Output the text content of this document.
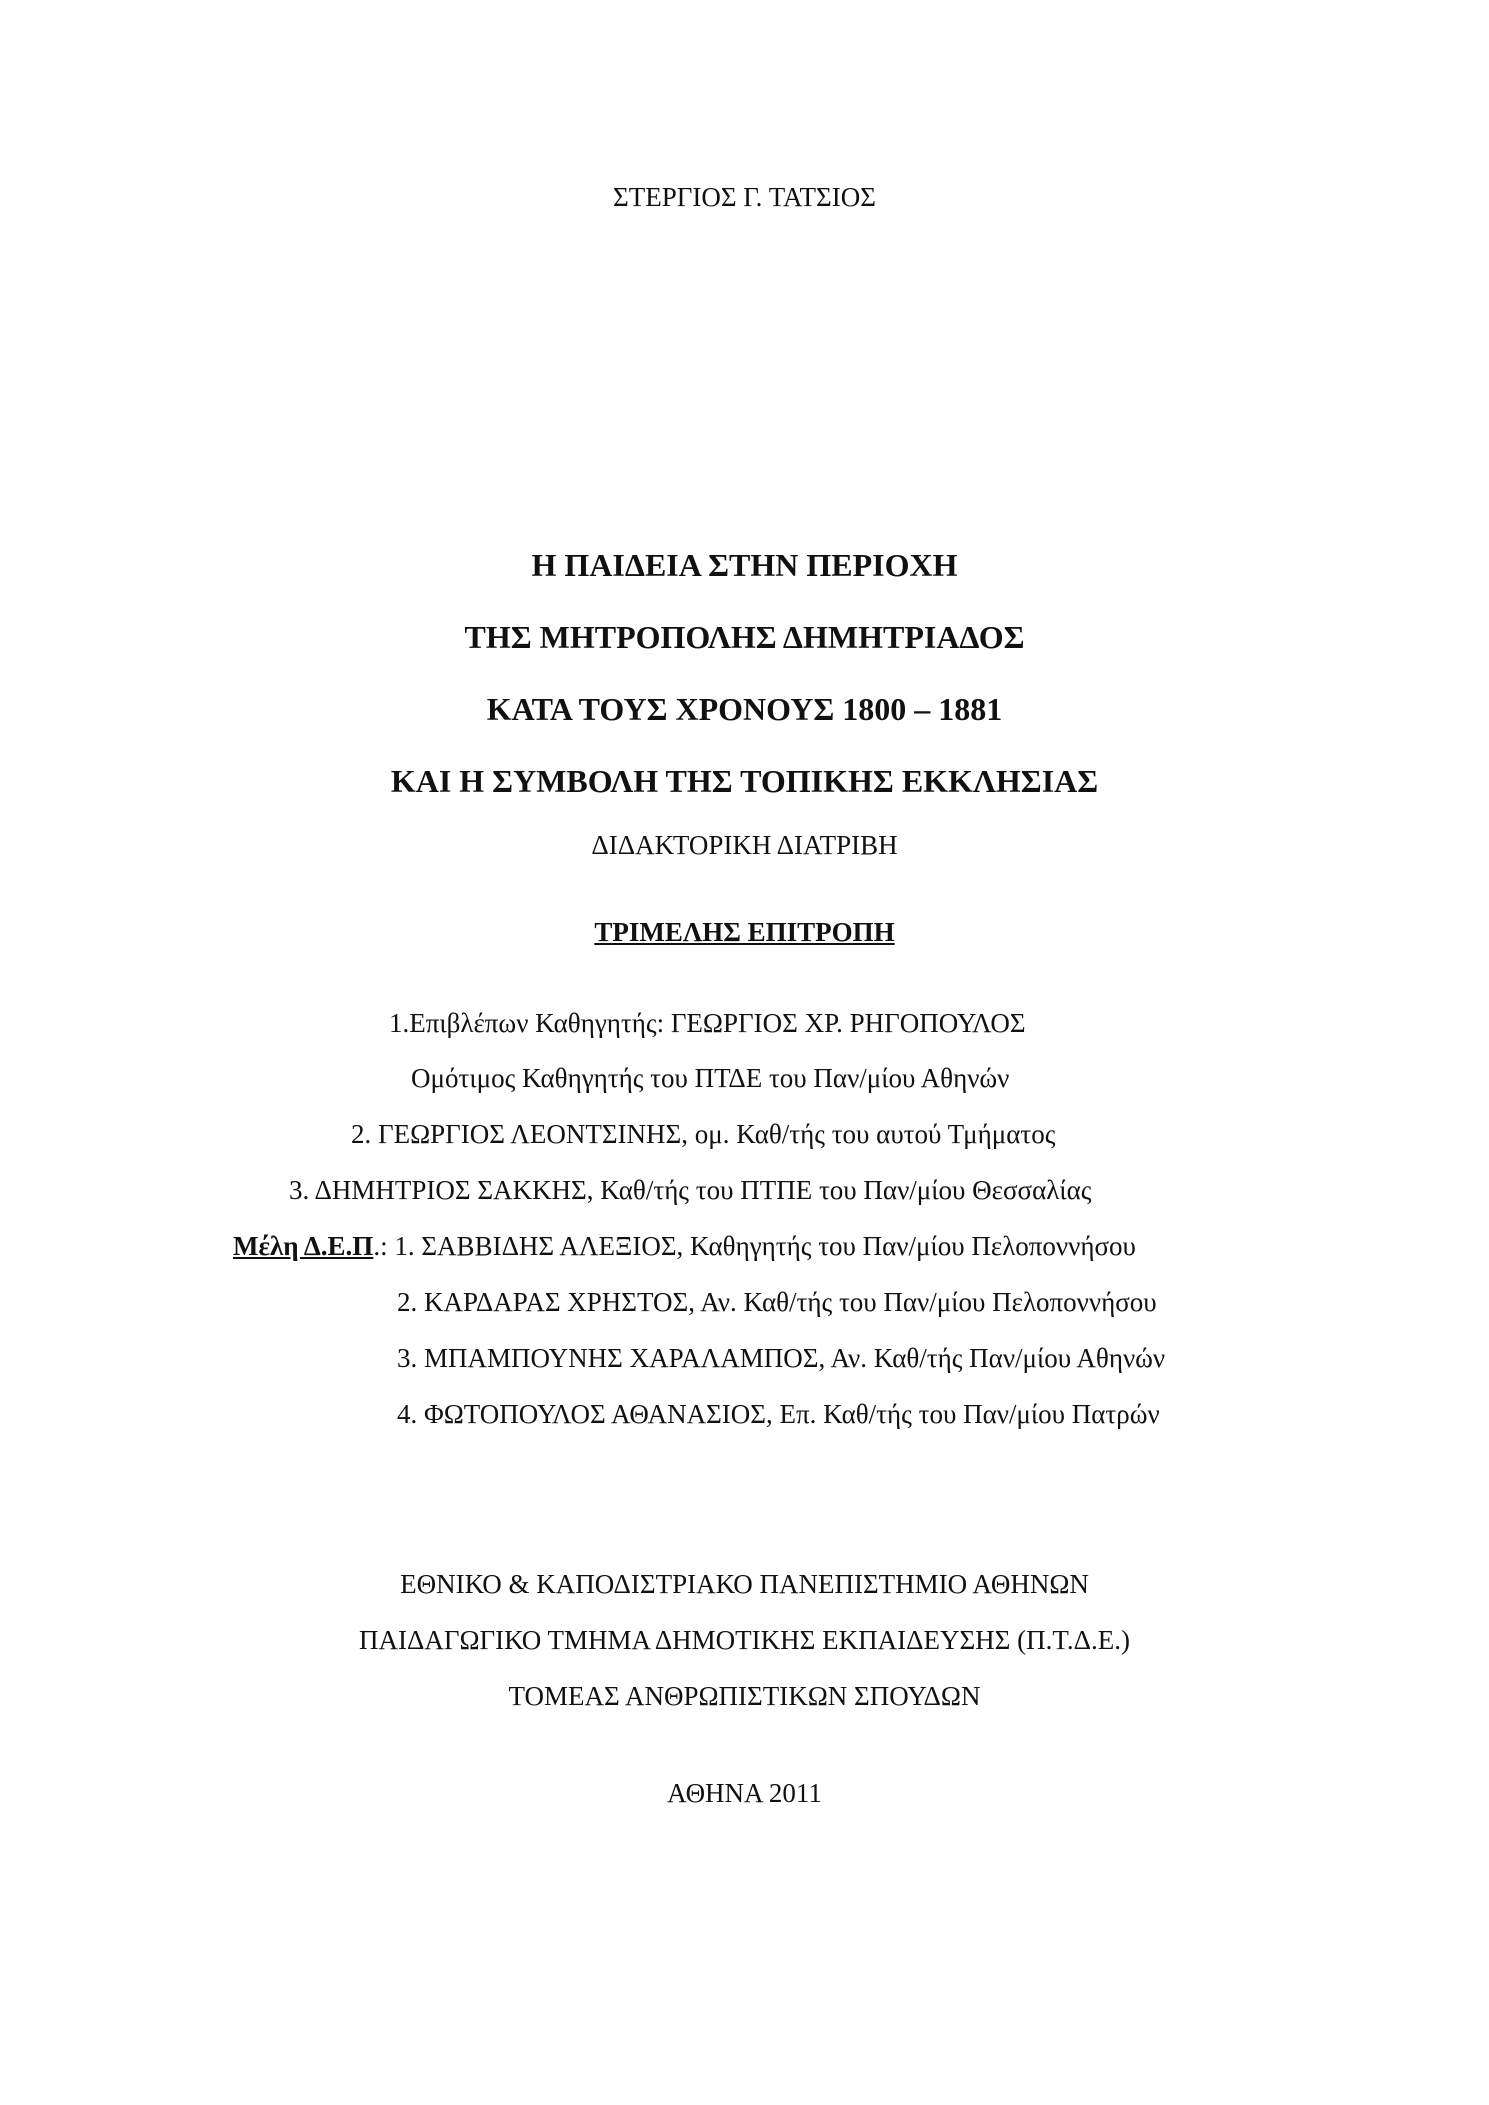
ΣΤΕΡΓΙΟΣ Γ. ΤΑΤΣΙΟΣ
Η ΠΑΙΔΕΙΑ ΣΤΗΝ ΠΕΡΙΟΧΗ
ΤΗΣ ΜΗΤΡΟΠΟΛΗΣ ΔΗΜΗΤΡΙΑΔΟΣ
ΚΑΤΑ ΤΟΥΣ ΧΡΟΝΟΥΣ 1800 – 1881
ΚΑΙ Η ΣΥΜΒΟΛΗ ΤΗΣ ΤΟΠΙΚΗΣ ΕΚΚΛΗΣΙΑΣ
ΔΙΔΑΚΤΟΡΙΚΗ ΔΙΑΤΡΙΒΗ
ΤΡΙΜΕΛΗΣ ΕΠΙΤΡΟΠΗ
1.Επιβλέπων Καθηγητής: ΓΕΩΡΓΙΟΣ ΧΡ. ΡΗΓΟΠΟΥΛΟΣ
Ομότιμος Καθηγητής του ΠΤΔΕ του Παν/μίου Αθηνών
2. ΓΕΩΡΓΙΟΣ ΛΕΟΝΤΣΙΝΗΣ, ομ. Καθ/τής του αυτού Τμήματος
3. ΔΗΜΗΤΡΙΟΣ ΣΑΚΚΗΣ, Καθ/τής του ΠΤΠΕ του Παν/μίου Θεσσαλίας
Μέλη Δ.Ε.Π.: 1. ΣΑΒΒΙΔΗΣ ΑΛΕΞΙΟΣ, Καθηγητής του Παν/μίου Πελοποννήσου
2. ΚΑΡΔΑΡΑΣ ΧΡΗΣΤΟΣ, Αν. Καθ/τής του Παν/μίου Πελοποννήσου
3. ΜΠΑΜΠΟΥΝΗΣ ΧΑΡΑΛΑΜΠΟΣ, Αν. Καθ/τής Παν/μίου Αθηνών
4. ΦΩΤΟΠΟΥΛΟΣ ΑΘΑΝΑΣΙΟΣ, Επ. Καθ/τής του Παν/μίου Πατρών
ΕΘΝΙΚΟ & ΚΑΠΟΔΙΣΤΡΙΑΚΟ ΠΑΝΕΠΙΣΤΗΜΙΟ ΑΘΗΝΩΝ
ΠΑΙΔΑΓΩΓΙΚΟ ΤΜΗΜΑ ΔΗΜΟΤΙΚΗΣ ΕΚΠΑΙΔΕΥΣΗΣ (Π.Τ.Δ.Ε.)
ΤΟΜΕΑΣ ΑΝΘΡΩΠΙΣΤΙΚΩΝ ΣΠΟΥΔΩΝ
ΑΘΗΝΑ 2011
